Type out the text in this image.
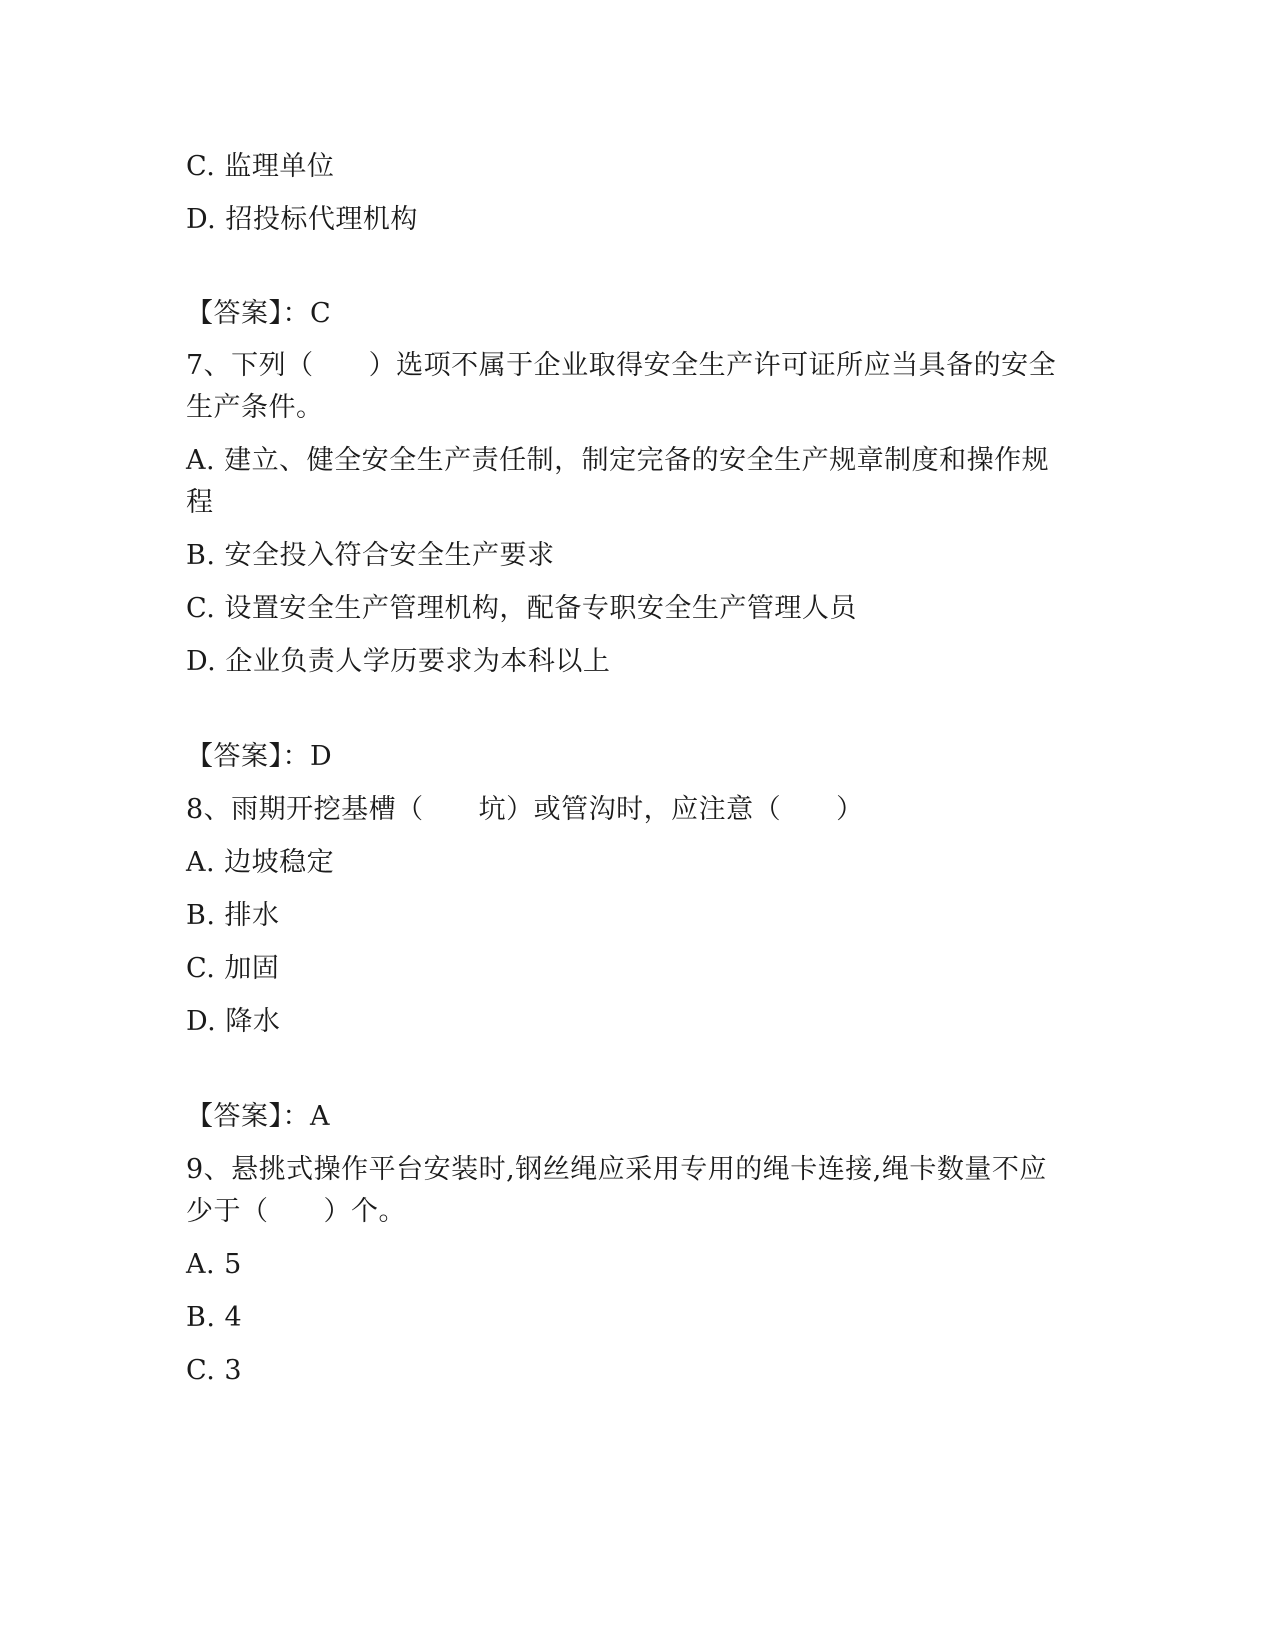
C. 监理单位
D. 招投标代理机构
【答案】：C
7、下列（　　）选项不属于企业取得安全生产许可证所应当具备的安全生产条件。
A. 建立、健全安全生产责任制，制定完备的安全生产规章制度和操作规程
B. 安全投入符合安全生产要求
C. 设置安全生产管理机构，配备专职安全生产管理人员
D. 企业负责人学历要求为本科以上
【答案】：D
8、雨期开挖基槽（　　坑）或管沟时，应注意（　　）
A. 边坡稳定
B. 排水
C. 加固
D. 降水
【答案】：A
9、悬挑式操作平台安装时,钢丝绳应采用专用的绳卡连接,绳卡数量不应少于（　　）个。
A. 5
B. 4
C. 3
